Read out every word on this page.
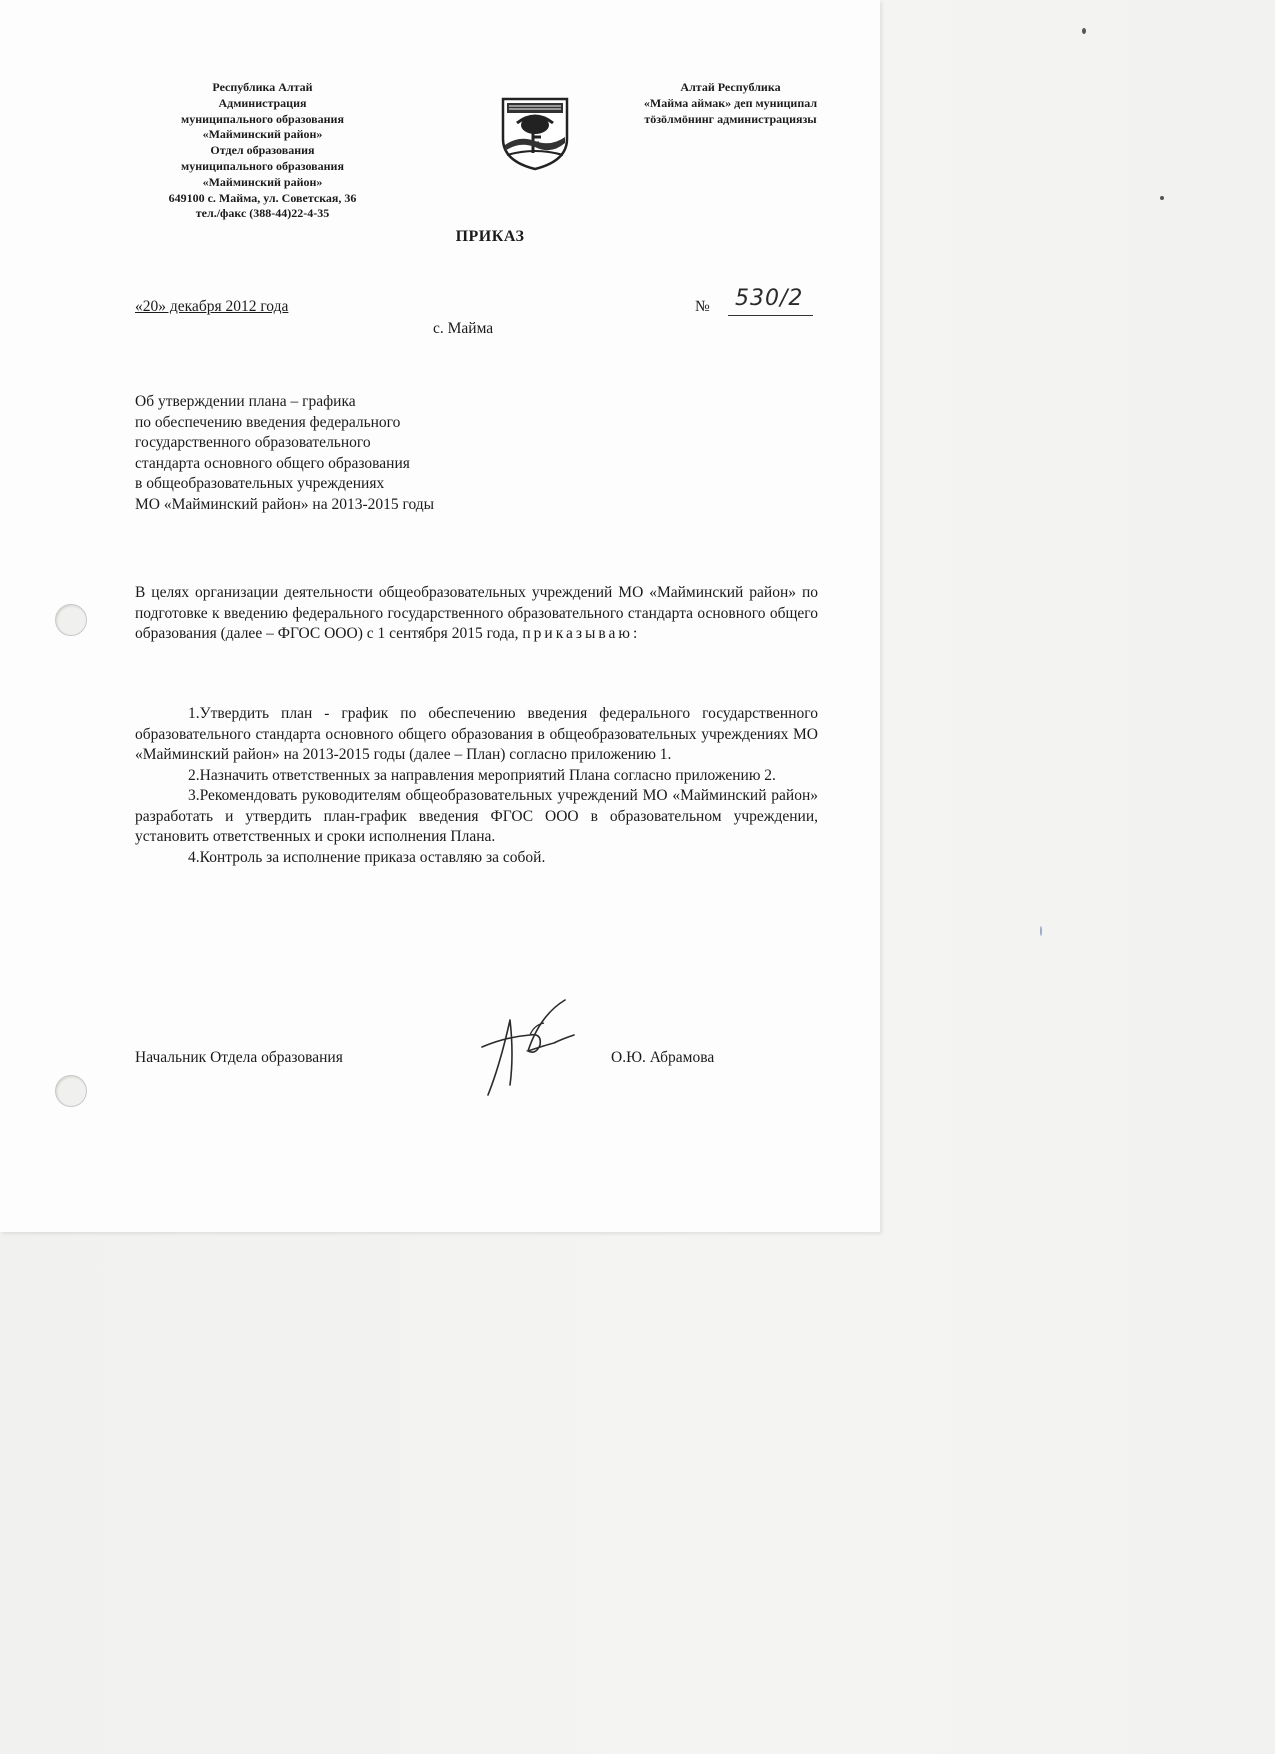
Республика Алтай
Администрация
муниципального образования
«Майминский район»
Отдел образования
муниципального образования
«Майминский район»
649100 с. Майма, ул. Советская, 36
тел./факс (388-44)22-4-35
Алтай Республика
«Майма аймак» деп муниципал
тöзöлмöнинг администрациязы
ПРИКАЗ
«20» декабря 2012 года	№ 530/2
с. Майма
Об утверждении плана – графика
по обеспечению введения федерального
государственного образовательного
стандарта основного общего образования
в общеобразовательных учреждениях
МО «Майминский район» на 2013-2015 годы
В целях организации деятельности общеобразовательных учреждений МО «Майминский район» по подготовке к введению федерального государственного образовательного стандарта основного общего образования (далее – ФГОС ООО) с 1 сентября 2015 года, приказываю:

1.Утвердить план - график по обеспечению введения федерального государственного образовательного стандарта основного общего образования в общеобразовательных учреждениях МО «Майминский район» на 2013-2015 годы (далее – План) согласно приложению 1.

2.Назначить ответственных за направления мероприятий Плана согласно приложению 2.

3.Рекомендовать руководителям общеобразовательных учреждений МО «Майминский район» разработать и утвердить план-график введения ФГОС ООО в образовательном учреждении, установить ответственных и сроки исполнения Плана.

4.Контроль за исполнение приказа оставляю за собой.

Начальник Отдела образования	О.Ю. Абрамова
